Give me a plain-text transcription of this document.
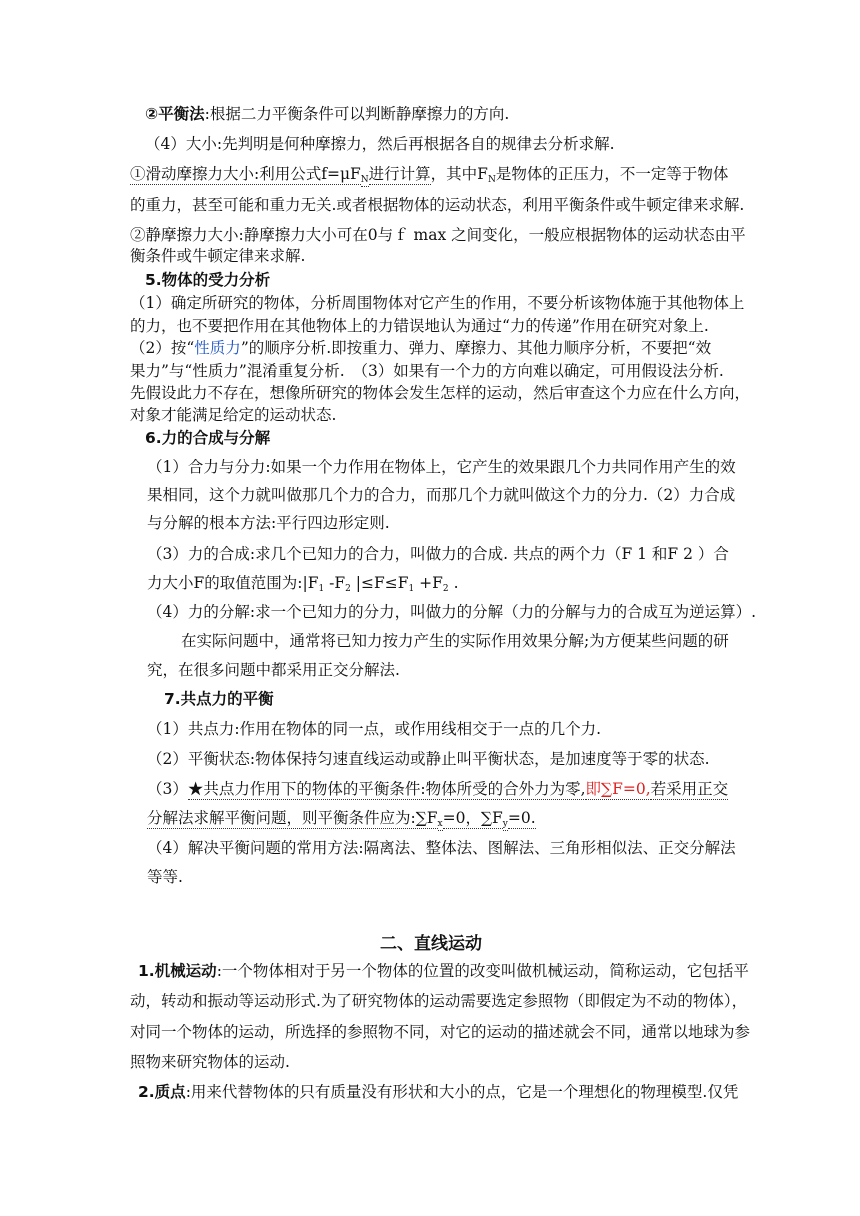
②平衡法:根据二力平衡条件可以判断静摩擦力的方向.
（4）大小:先判明是何种摩擦力，然后再根据各自的规律去分析求解.
①滑动摩擦力大小:利用公式$f=\mu F_N$进行计算，其中$F_N$是物体的正压力，不一定等于物体
的重力，甚至可能和重力无关.或者根据物体的运动状态，利用平衡条件或牛顿定律来求解.
②静摩擦力大小:静摩擦力大小可在0与ｆ max 之间变化，一般应根据物体的运动状态由平
衡条件或牛顿定律来求解.
5.物体的受力分析
（1）确定所研究的物体，分析周围物体对它产生的作用，不要分析该物体施于其他物体上
的力，也不要把作用在其他物体上的力错误地认为通过“力的传递”作用在研究对象上.
（2）按“性质力”的顺序分析.即按重力、弹力、摩擦力、其他力顺序分析，不要把“效
果力”与“性质力”混淆重复分析.　（3）如果有一个力的方向难以确定，可用假设法分析.
先假设此力不存在，想像所研究的物体会发生怎样的运动，然后审查这个力应在什么方向，
对象才能满足给定的运动状态.
6.力的合成与分解
（1）合力与分力:如果一个力作用在物体上，它产生的效果跟几个力共同作用产生的效
果相同，这个力就叫做那几个力的合力，而那几个力就叫做这个力的分力.（2）力合成
与分解的根本方法:平行四边形定则.
（3）力的合成:求几个已知力的合力，叫做力的合成. 共点的两个力（F 1 和F 2 ）合
力大小F的取值范围为$:|F_1$ $-F_2$ $|\le F\le F_1 +F_2$ .
（4）力的分解:求一个已知力的分力，叫做力的分解（力的分解与力的合成互为逆运算）.
在实际问题中，通常将已知力按力产生的实际作用效果分解;为方便某些问题的研
究，在很多问题中都采用正交分解法.
7.共点力的平衡
（1）共点力:作用在物体的同一点，或作用线相交于一点的几个力.
（2）平衡状态:物体保持匀速直线运动或静止叫平衡状态，是加速度等于零的状态.
（3）★共点力作用下的物体的平衡条件:物体所受的合外力为零,即∑F=0,若采用正交
分解法求解平衡问题，则平衡条件应为$:\sum F_x=0$，$\sum F_y=0$.
（4）解决平衡问题的常用方法:隔离法、整体法、图解法、三角形相似法、正交分解法
等等.
二、直线运动
1.机械运动:一个物体相对于另一个物体的位置的改变叫做机械运动，简称运动，它包括平
动，转动和振动等运动形式.为了研究物体的运动需要选定参照物（即假定为不动的物体），
对同一个物体的运动，所选择的参照物不同，对它的运动的描述就会不同，通常以地球为参
照物来研究物体的运动.
2.质点:用来代替物体的只有质量没有形状和大小的点，它是一个理想化的物理模型.仅凭
